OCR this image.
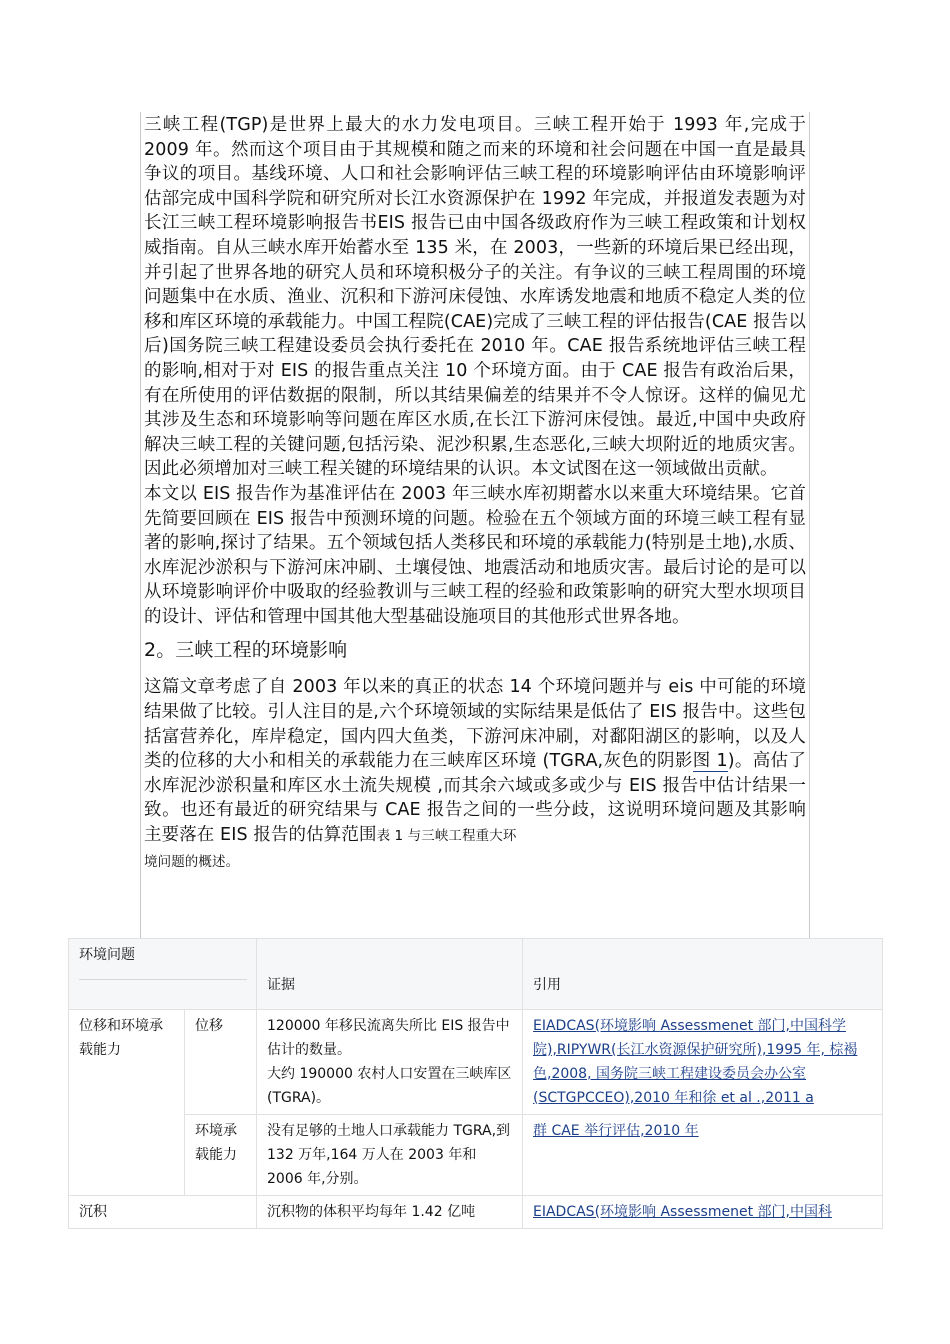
三峡工程(TGP)是世界上最大的水力发电项目。三峡工程开始于 1993 年,完成于 2009 年。然而这个项目由于其规模和随之而来的环境和社会问题在中国一直是最具争议的项目。基线环境、人口和社会影响评估三峡工程的环境影响评估由环境影响评估部完成中国科学院和研究所对长江水资源保护在 1992 年完成，并报道发表题为对长江三峡工程环境影响报告书EIS 报告已由中国各级政府作为三峡工程政策和计划权威指南。自从三峡水库开始蓄水至 135 米，在 2003，一些新的环境后果已经出现，并引起了世界各地的研究人员和环境积极分子的关注。有争议的三峡工程周围的环境问题集中在水质、渔业、沉积和下游河床侵蚀、水库诱发地震和地质不稳定人类的位移和库区环境的承载能力。中国工程院(CAE)完成了三峡工程的评估报告(CAE 报告以后)国务院三峡工程建设委员会执行委托在 2010 年。CAE 报告系统地评估三峡工程的影响,相对于对 EIS 的报告重点关注 10 个环境方面。由于 CAE 报告有政治后果，有在所使用的评估数据的限制，所以其结果偏差的结果并不令人惊讶。这样的偏见尤其涉及生态和环境影响等问题在库区水质,在长江下游河床侵蚀。最近,中国中央政府解决三峡工程的关键问题,包括污染、泥沙积累,生态恶化,三峡大坝附近的地质灾害。因此必须增加对三峡工程关键的环境结果的认识。本文试图在这一领域做出贡献。

本文以 EIS 报告作为基准评估在 2003 年三峡水库初期蓄水以来重大环境结果。它首先简要回顾在 EIS 报告中预测环境的问题。检验在五个领域方面的环境三峡工程有显著的影响,探讨了结果。五个领域包括人类移民和环境的承载能力(特别是土地),水质、水库泥沙淤积与下游河床冲刷、土壤侵蚀、地震活动和地质灾害。最后讨论的是可以从环境影响评价中吸取的经验教训与三峡工程的经验和政策影响的研究大型水坝项目的设计、评估和管理中国其他大型基础设施项目的其他形式世界各地。

2。三峡工程的环境影响

这篇文章考虑了自 2003 年以来的真正的状态 14 个环境问题并与 eis 中可能的环境结果做了比较。引人注目的是,六个环境领域的实际结果是低估了 EIS 报告中。这些包括富营养化，库岸稳定，国内四大鱼类，下游河床冲刷，对鄱阳湖区的影响，以及人类的位移的大小和相关的承载能力在三峡库区环境 (TGRA,灰色的阴影图 1)。高估了水库泥沙淤积量和库区水土流失规模 ,而其余六域或多或少与 EIS 报告中估计结果一致。也还有最近的研究结果与 CAE 报告之间的一些分歧，这说明环境问题及其影响主要落在 EIS 报告的估算范围表 1 与三峡工程重大环
境问题的概述。

环境问题		证据	引用
位移和环境承载能力	位移	120000 年移民流离失所比 EIS 报告中估计的数量。
大约 190000 农村人口安置在三峡库区(TGRA)。	EIADCAS(环境影响 Assessmenet 部门,中国科学院),RIPYWR(长江水资源保护研究所),1995 年, 棕褐色,2008, 国务院三峡工程建设委员会办公室(SCTGPCCEO),2010 年和徐 et al .,2011 a
	环境承载能力	没有足够的土地人口承载能力 TGRA,到 132 万年,164 万人在 2003 年和 2006 年,分别。	群 CAE 举行评估,2010 年
沉积		沉积物的体积平均每年 1.42 亿吨	EIADCAS(环境影响 Assessmenet 部门,中国科
